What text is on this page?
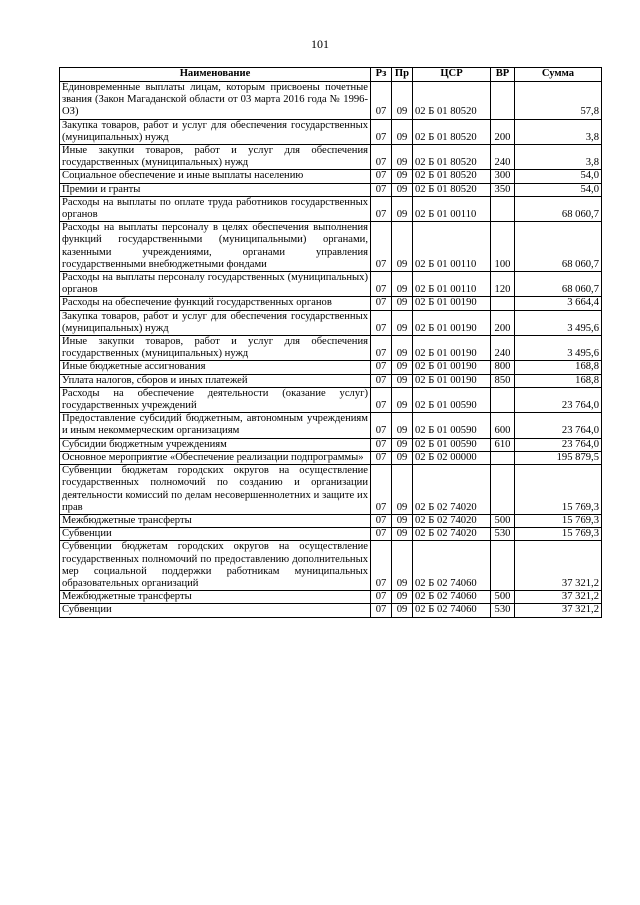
101
Наименование	Рз	Пр	ЦСР	ВР	Сумма
Единовременные выплаты лицам, которым присвоены почетные звания (Закон Магаданской области от 03 марта 2016 года № 1996-ОЗ)	07	09	02 Б 01 80520		57,8
Закупка товаров, работ и услуг для обеспечения государственных (муниципальных) нужд	07	09	02 Б 01 80520	200	3,8
Иные закупки товаров, работ и услуг для обеспечения государственных (муниципальных) нужд	07	09	02 Б 01 80520	240	3,8
Социальное обеспечение и иные выплаты населению	07	09	02 Б 01 80520	300	54,0
Премии и гранты	07	09	02 Б 01 80520	350	54,0
Расходы на выплаты по оплате труда работников государственных органов	07	09	02 Б 01 00110		68 060,7
Расходы на выплаты персоналу в целях обеспечения выполнения функций государственными (муниципальными) органами, казенными учреждениями, органами управления государственными внебюджетными фондами	07	09	02 Б 01 00110	100	68 060,7
Расходы на выплаты персоналу государственных (муниципальных) органов	07	09	02 Б 01 00110	120	68 060,7
Расходы на обеспечение функций государственных органов	07	09	02 Б 01 00190		3 664,4
Закупка товаров, работ и услуг для обеспечения государственных (муниципальных) нужд	07	09	02 Б 01 00190	200	3 495,6
Иные закупки товаров, работ и услуг для обеспечения государственных (муниципальных) нужд	07	09	02 Б 01 00190	240	3 495,6
Иные бюджетные ассигнования	07	09	02 Б 01 00190	800	168,8
Уплата налогов, сборов и иных платежей	07	09	02 Б 01 00190	850	168,8
Расходы на обеспечение деятельности (оказание услуг) государственных учреждений	07	09	02 Б 01 00590		23 764,0
Предоставление субсидий бюджетным, автономным учреждениям и иным некоммерческим организациям	07	09	02 Б 01 00590	600	23 764,0
Субсидии бюджетным учреждениям	07	09	02 Б 01 00590	610	23 764,0
Основное мероприятие «Обеспечение реализации подпрограммы»	07	09	02 Б 02 00000		195 879,5
Субвенции бюджетам городских округов на осуществление государственных полномочий по созданию и организации деятельности комиссий по делам несовершеннолетних и защите их прав	07	09	02 Б 02 74020		15 769,3
Межбюджетные трансферты	07	09	02 Б 02 74020	500	15 769,3
Субвенции	07	09	02 Б 02 74020	530	15 769,3
Субвенции бюджетам городских округов на осуществление государственных полномочий по предоставлению дополнительных мер социальной поддержки работникам муниципальных образовательных организаций	07	09	02 Б 02 74060		37 321,2
Межбюджетные трансферты	07	09	02 Б 02 74060	500	37 321,2
Субвенции	07	09	02 Б 02 74060	530	37 321,2
